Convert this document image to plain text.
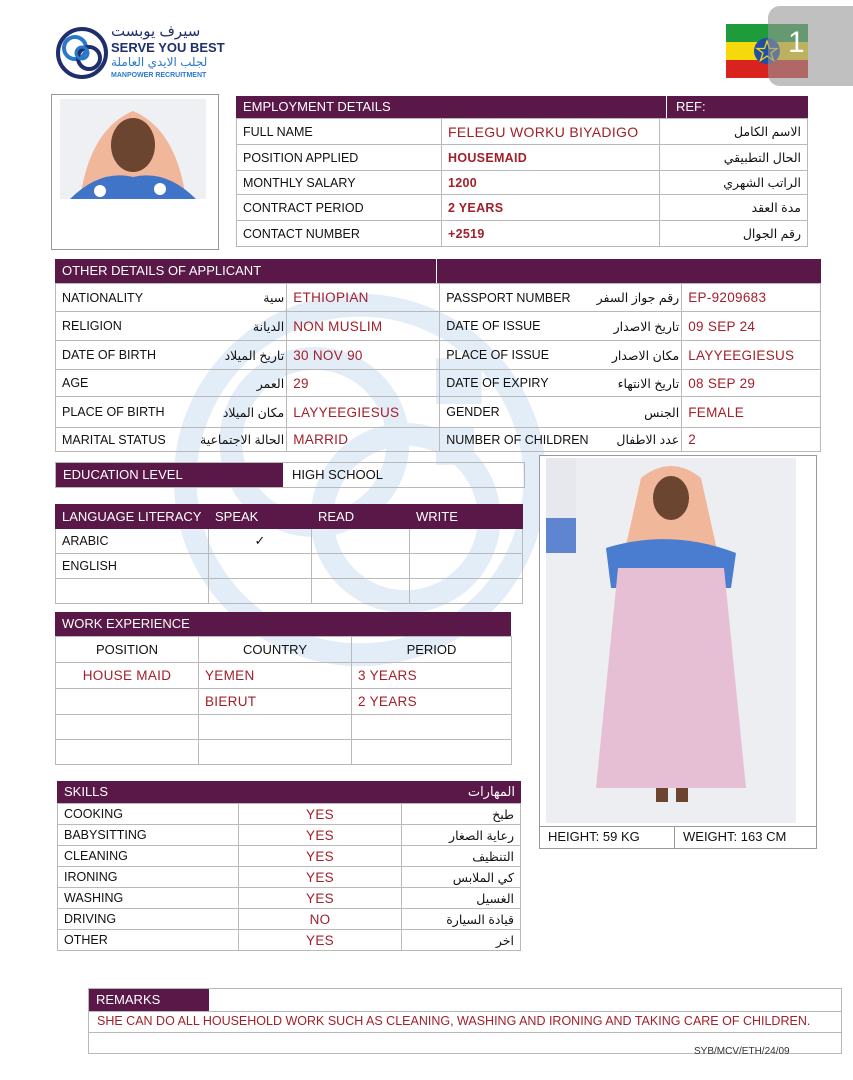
سيرف يوبست
SERVE YOU BEST
لجلب الايدي العاملة
MANPOWER RECRUITMENT
1
EMPLOYMENT DETAILS	REF:
FULL NAME	FELEGU WORKU BIYADIGO	الاسم الكامل
POSITION APPLIED	HOUSEMAID	الحال التطبيقي
MONTHLY SALARY	1200	الراتب الشهري
CONTRACT PERIOD	2 YEARS	مدة العقد
CONTACT NUMBER	+2519	رقم الجوال
OTHER DETAILS OF APPLICANT
NATIONALITY	سية	ETHIOPIAN	PASSPORT NUMBER	رقم جواز السفر	EP-9209683
RELIGION	الديانة	NON MUSLIM	DATE OF ISSUE	تاريخ الاصدار	09 SEP 24
DATE OF BIRTH	تاريخ الميلاد	30 NOV 90	PLACE OF ISSUE	مكان الاصدار	LAYYEEGIESUS
AGE	العمر	29	DATE OF EXPIRY	تاريخ الانتهاء	08 SEP 29
PLACE OF BIRTH	مكان الميلاد	LAYYEEGIESUS	GENDER	الجنس	FEMALE
MARITAL STATUS	الحالة الاجتماعية	MARRID	NUMBER OF CHILDREN	عدد الاطفال	2
EDUCATION LEVEL	HIGH SCHOOL
LANGUAGE LITERACY	SPEAK	READ	WRITE
ARABIC	✓		
ENGLISH			

WORK EXPERIENCE
POSITION	COUNTRY	PERIOD
HOUSE MAID	YEMEN	3 YEARS
	BIERUT	2 YEARS

HEIGHT: 59 KG	WEIGHT: 163 CM
SKILLS	المهارات
COOKING	YES	طبخ
BABYSITTING	YES	رعاية الصغار
CLEANING	YES	التنظيف
IRONING	YES	كي الملابس
WASHING	YES	الغسيل
DRIVING	NO	قيادة السيارة
OTHER	YES	اخر
REMARKS
SHE CAN DO ALL HOUSEHOLD WORK SUCH AS CLEANING, WASHING AND IRONING AND TAKING CARE OF CHILDREN.
SYB/MCV/ETH/24/09
